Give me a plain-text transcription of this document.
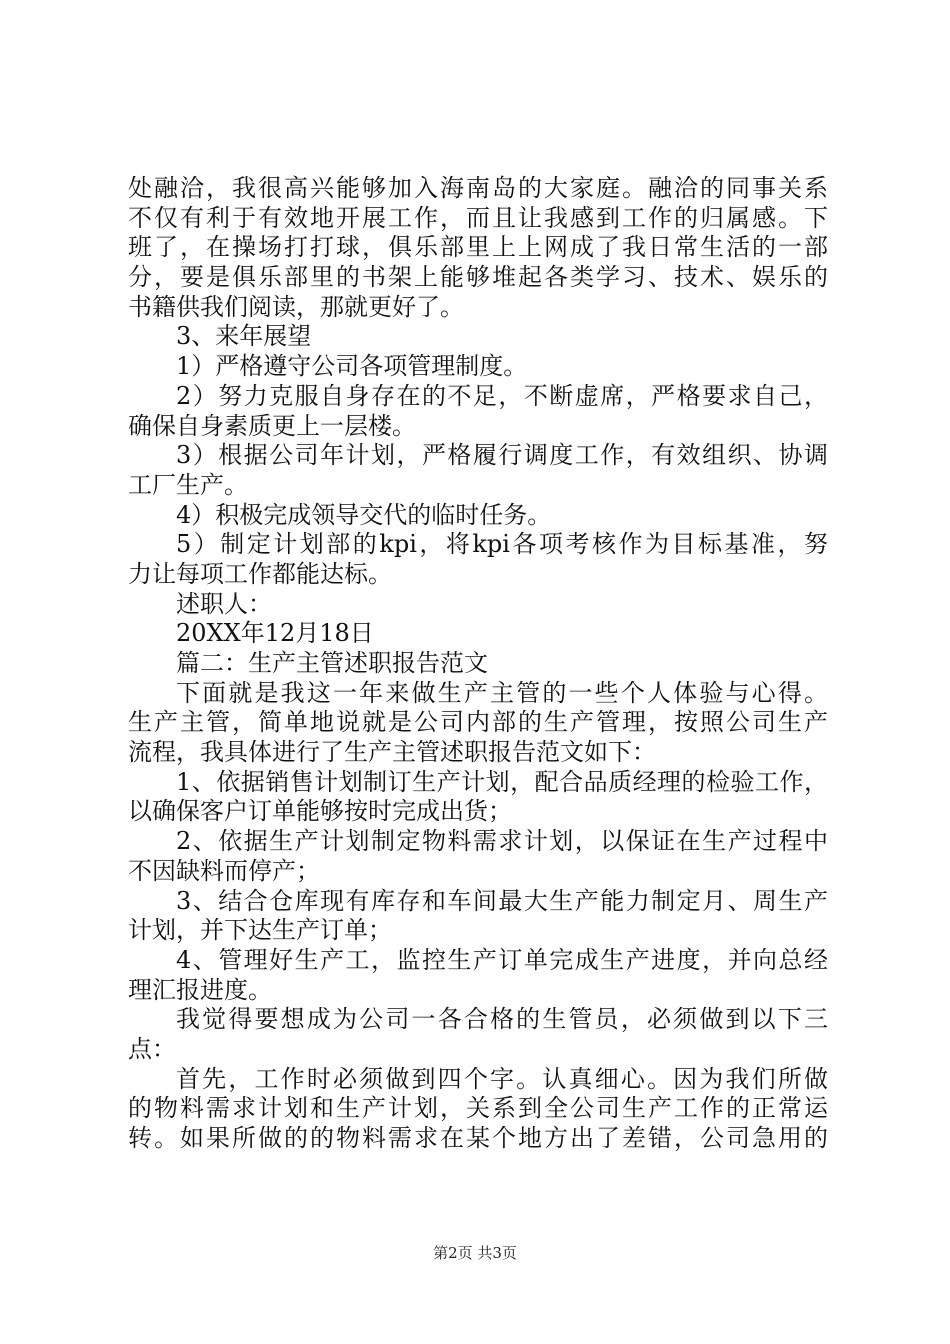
处融洽，我很高兴能够加入海南岛的大家庭。融洽的同事关系
不仅有利于有效地开展工作，而且让我感到工作的归属感。下
班了，在操场打打球，俱乐部里上上网成了我日常生活的一部
分，要是俱乐部里的书架上能够堆起各类学习、技术、娱乐的
书籍供我们阅读，那就更好了。
3、来年展望
1）严格遵守公司各项管理制度。
2）努力克服自身存在的不足，不断虚席，严格要求自己，
确保自身素质更上一层楼。
3）根据公司年计划，严格履行调度工作，有效组织、协调
工厂生产。
4）积极完成领导交代的临时任务。
5）制定计划部的kpi，将kpi各项考核作为目标基准，努
力让每项工作都能达标。
述职人：
20XX年12月18日
篇二：生产主管述职报告范文
下面就是我这一年来做生产主管的一些个人体验与心得。
生产主管，简单地说就是公司内部的生产管理，按照公司生产
流程，我具体进行了生产主管述职报告范文如下：
1、依据销售计划制订生产计划，配合品质经理的检验工作，
以确保客户订单能够按时完成出货；
2、依据生产计划制定物料需求计划，以保证在生产过程中
不因缺料而停产；
3、结合仓库现有库存和车间最大生产能力制定月、周生产
计划，并下达生产订单；
4、管理好生产工，监控生产订单完成生产进度，并向总经
理汇报进度。
我觉得要想成为公司一各合格的生管员，必须做到以下三
点：
首先，工作时必须做到四个字。认真细心。因为我们所做
的物料需求计划和生产计划，关系到全公司生产工作的正常运
转。如果所做的的物料需求在某个地方出了差错，公司急用的
第2页 共3页
